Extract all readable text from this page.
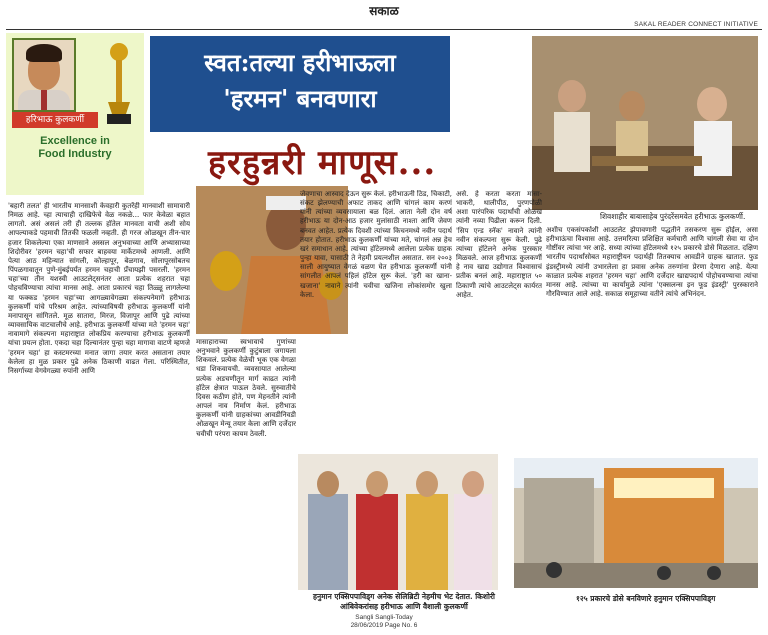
सकाळ
SAKAL READER CONNECT INITIATIVE
हरिभाऊ कुलकर्णी
Excellence in
Food Industry
स्वत:तल्या हरीभाऊला
'हरमन' बनवणारा
हरहुन्नरी माणूस...
शिवशाहीर बाबासाहेब पुरंदरेंसमवेत हरीभाऊ कुलकर्णी.
हनुमान एक्सिपपाविड्ग अनेक सेलिब्रिटी नेहमीच भेट देतात. किशोरी आंबिवेकरांसह हरीभाऊ आणि वैशाली कुलकर्णी
१२५ प्रकारचे डोसे बनविणारे हनुमान एक्सिपपाविड्ग
'बहारी तलत' ही भारतीय मानसाशी केवहारी कुतरेंही मानवाशी सामावारी निमळ आहे. च्हा त्याचाही दाखिफेचे वेळ नकळे... फार केवेळा बहात लागतो. असं असलं तरी ही तल्लक हॉतेल मानवता वाची अशी सोय आपल्याकडे पहमावी तितकी फळली नव्हती. ही गरज ओळखून तीन-चार हजार शिकलेल्या एका माणसाने अस्सल अनुभवाच्या आणि अभ्यासाच्या शिदोरीवर 'हरमन चहा'ची सफार बाहवया मार्केटमध्ये आणली. आणि पेत्या आठ महिन्यात सांगली, कोल्हापूर, बेळगाव, सोलापूरसोबतच पिंपळगावातून पुणे-मुंबईपर्यंत हरमन चहाची प्रँचायझी पसरली. 'हरमन चहा'च्या तीन यशस्वी आउटलेट्सनंतर आता प्रत्येक शहरात चहा पोहचविण्याचा त्यांचा मानस आहे. आता प्रकारचं चहा तिळ्ळू लागलेल्या या फक्कड 'हरमन चहा'च्या आगळ्यावेगळ्या संकल्पनेमागे हरीभाऊ कुलकर्णी यांचे परिश्रम आहेत. त्यांच्याविषयी हरीभाऊ कुलकर्णी यांनी मनापासून सांगितले. मूळ सातारा, मिरज, विजापूर आणि पुढे त्यांच्या व्यावसायिक वाटचालीचे आहे. हरीभाऊ कुलकर्णी यांच्या मते 'हरमन चहा' नावामागे संकल्पना महाराष्ट्रात लोकप्रिय करण्याचा हरीभाऊ कुलकर्णी यांचा प्रयत्न होता. एकदा चहा दिल्यानंतर पुन्हा चहा मागावा वाटणे म्हणजे 'हरमन चहा' हा कस्टमरच्या मनात जागा तयार करत असताना तयार केलेला हा मुळ प्रकार पुढे अनेक ठिकाणी वाढत गेला. परिस्थितीत, निसर्गाच्या वेगवेगळ्या रुपांनी आणि
मासाहाराच्या स्वभावाचे गुणांच्या अनुभवाने कुलकर्णी कुटुंबाला जगायला शिकवलं. प्रत्येक वेळेची भूक एक वेगळा धडा शिकवायची. व्यवसायात आलेल्या प्रत्येक अडचणीतून मार्ग काढत त्यांनी हॉटेल क्षेत्रात पाऊल ठेवले. सुरुवातीचे दिवस कठीण होते, पण मेहनतीने त्यांनी आपलं नाव निर्माण केलं. हरीभाऊ कुलकर्णी यांनी ग्राहकांच्या आवडीनिवडी ओळखून मेन्यू तयार केला आणि दर्जेदार चवीची परंपरा कायम ठेवली.
जेवणाचा आस्वाद देऊन सुरू केलं. हरीभाऊनी ठिड, चिकाटी, संकट झेलण्याची अफाट ताकद आणि चांगलं काम करणं यांनी त्यांच्या व्यवसायाला बळ दिलं. आता नेली दोन वर्ष हरीभाऊ या दोन-आठ हजार मुलांसाठी नाश्ता आणि जेवण बनवत आहेत. प्रत्येक दिवशी त्यांच्या किचनमध्ये नवीन पदार्थ तयार होतात. हरीभाऊ कुलकर्णी यांच्या मते, चांगलं अन्न हेच खरं समाधान आहे. त्यांच्या हॉटेलमध्ये आलेला प्रत्येक ग्राहक पुन्हा यावा, यासाठी ते नेहमी प्रयत्नशील असतात. सन २००३ साली आयुष्यात वेगळं वळण घेत हरीभाऊ कुलकर्णी यांनी सांगलीत आपलं पहिलं हॉटेल सुरू केलं. 'हरी का खाना-खजाना' नावाने त्यांनी चवीचा खजिना लोकांसमोर खुला केला.
असे. हे करता करता मांसा-भाकरी, थालीपीठ, पुरणपोळी अशा पारंपरिक पदार्थांची ओळख त्यांनी नव्या पिढीला करून दिली. 'सिप एन्ड स्नॅक' नावाने त्यांनी नवीन संकल्पना सुरू केली. पुढे त्यांच्या हॉटेलने अनेक पुरस्कार मिळवले. आज हरीभाऊ कुलकर्णी हे नाव खाद्य उद्योगात विश्वासाचं प्रतीक बनलं आहे. महाराष्ट्रात ५० ठिकाणी त्यांचे आउटलेट्स कार्यरत आहेत.
अशीच एकसंपर्काशी आउटलेट झेपावणारी पद्धतीने तसकरण सुरू होईल, असा हरीभाऊंचा विश्वास आहे. उत्तमरित्या प्रशिक्षित कर्मचारी आणि चांगली सेवा या दोन गोष्टींवर त्यांचा भर आहे. सध्या त्यांच्या हॉटेलमध्ये १२५ प्रकारचे डोसे मिळतात. दक्षिण भारतीय पदार्थांसोबत महाराष्ट्रीयन पदार्थही तितक्याच आवडीने ग्राहक खातात. फुड इंडस्ट्रीमध्ये त्यांनी उभारलेला हा प्रवास अनेक तरुणांना प्रेरणा देणारा आहे. येत्या काळात प्रत्येक शहरात 'हरमन चहा' आणि दर्जेदार खाद्यपदार्थ पोहोचवण्याचा त्यांचा मानस आहे. त्यांच्या या कार्यामुळे त्यांना 'एक्सलन्स इन फूड इंडस्ट्री' पुरस्काराने गौरविण्यात आले आहे. सकाळ समूहाच्या वतीने त्यांचे अभिनंदन.
Sangli Sangli-Today
28/06/2019 Page No. 6
